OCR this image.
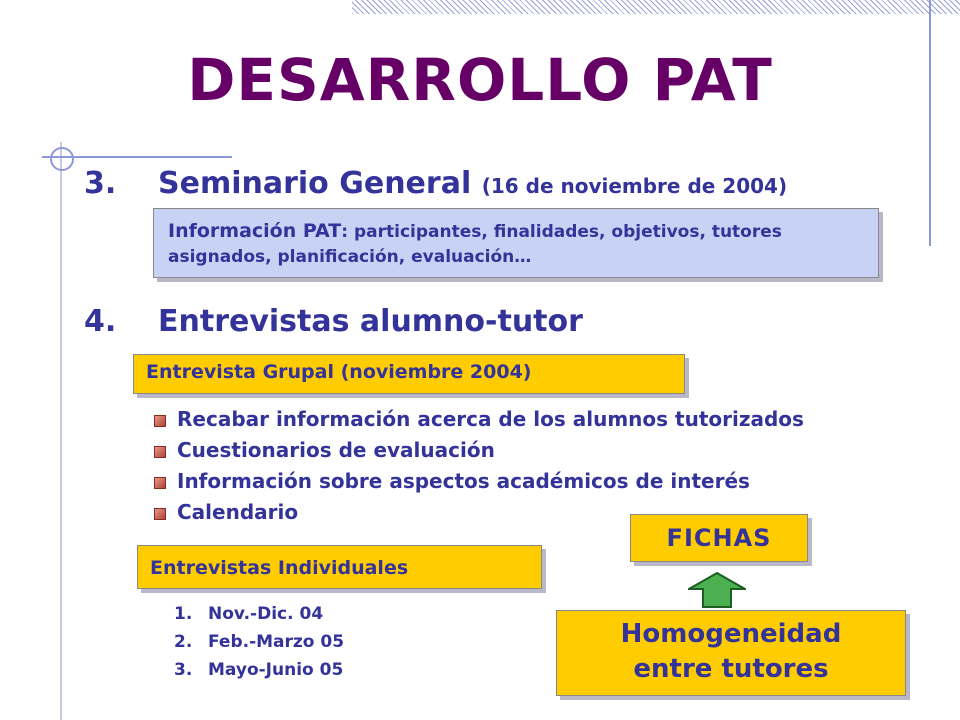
DESARROLLO PAT
3. Seminario General (16 de noviembre de 2004)
Información PAT: participantes, finalidades, objetivos, tutores asignados, planificación, evaluación…
4. Entrevistas alumno-tutor
Entrevista Grupal (noviembre 2004)
Recabar información acerca de los alumnos tutorizados
Cuestionarios de evaluación
Información sobre aspectos académicos de interés
Calendario
Entrevistas Individuales
1. Nov.-Dic. 04
2. Feb.-Marzo 05
3. Mayo-Junio 05
FICHAS
Homogeneidad
entre tutores
